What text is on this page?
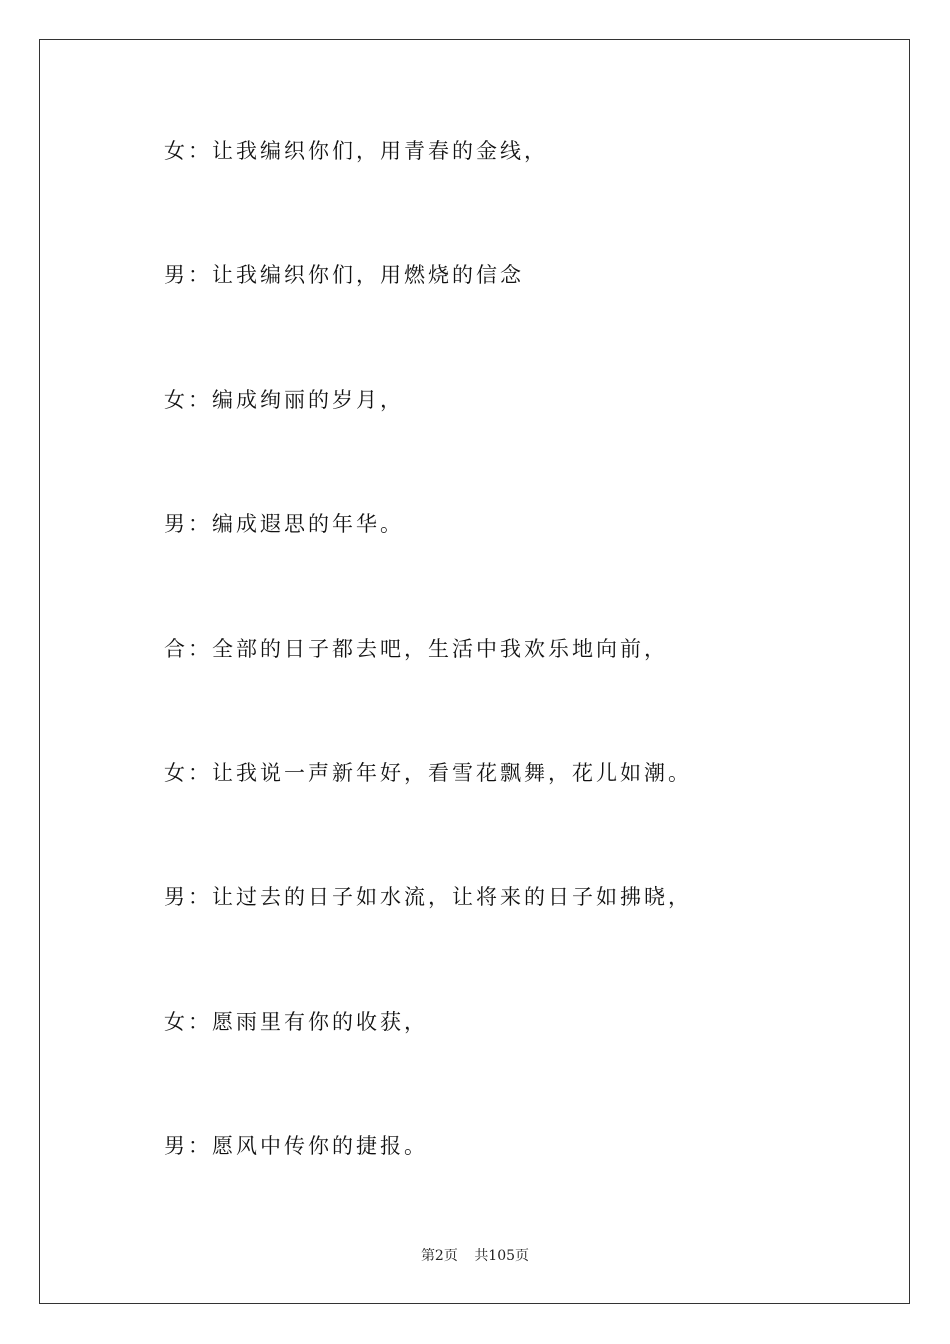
女：让我编织你们，用青春的金线，
男：让我编织你们，用燃烧的信念
女：编成绚丽的岁月，
男：编成遐思的年华。
合：全部的日子都去吧，生活中我欢乐地向前，
女：让我说一声新年好，看雪花飘舞，花儿如潮。
男：让过去的日子如水流，让将来的日子如拂晓，
女：愿雨里有你的收获，
男：愿风中传你的捷报。
第2页 共105页
